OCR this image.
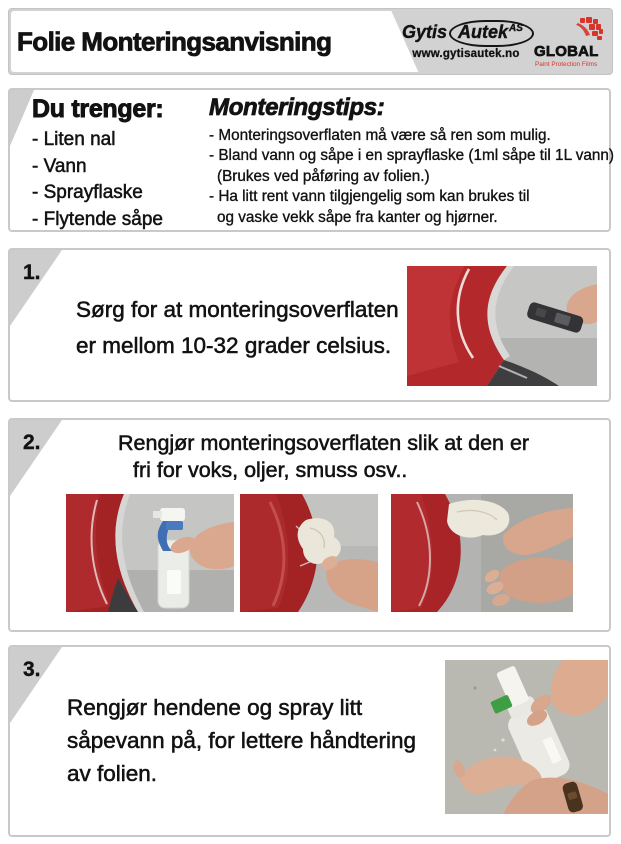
Folie Monteringsanvisning	Gytis Autek$^{AS}$
www.gytisautek.no GLOBAL
Paint Protection Films
Du trenger:
- Liten nal
- Vann
- Sprayflaske
- Flytende såpe
Monteringstips:
- Monteringsoverflaten må være så ren som mulig.
- Bland vann og såpe i en sprayflaske (1ml såpe til 1L vann)
(Brukes ved påføring av folien.)
- Ha litt rent vann tilgjengelig som kan brukes til
og vaske vekk såpe fra kanter og hjørner.
1.
Sørg for at monteringsoverflaten
er mellom 10-32 grader celsius.
2.	Rengjør monteringsoverflaten slik at den er
fri for voks, oljer, smuss osv..
3.
Rengjør hendene og spray litt
såpevann på, for lettere håndtering
av folien.
